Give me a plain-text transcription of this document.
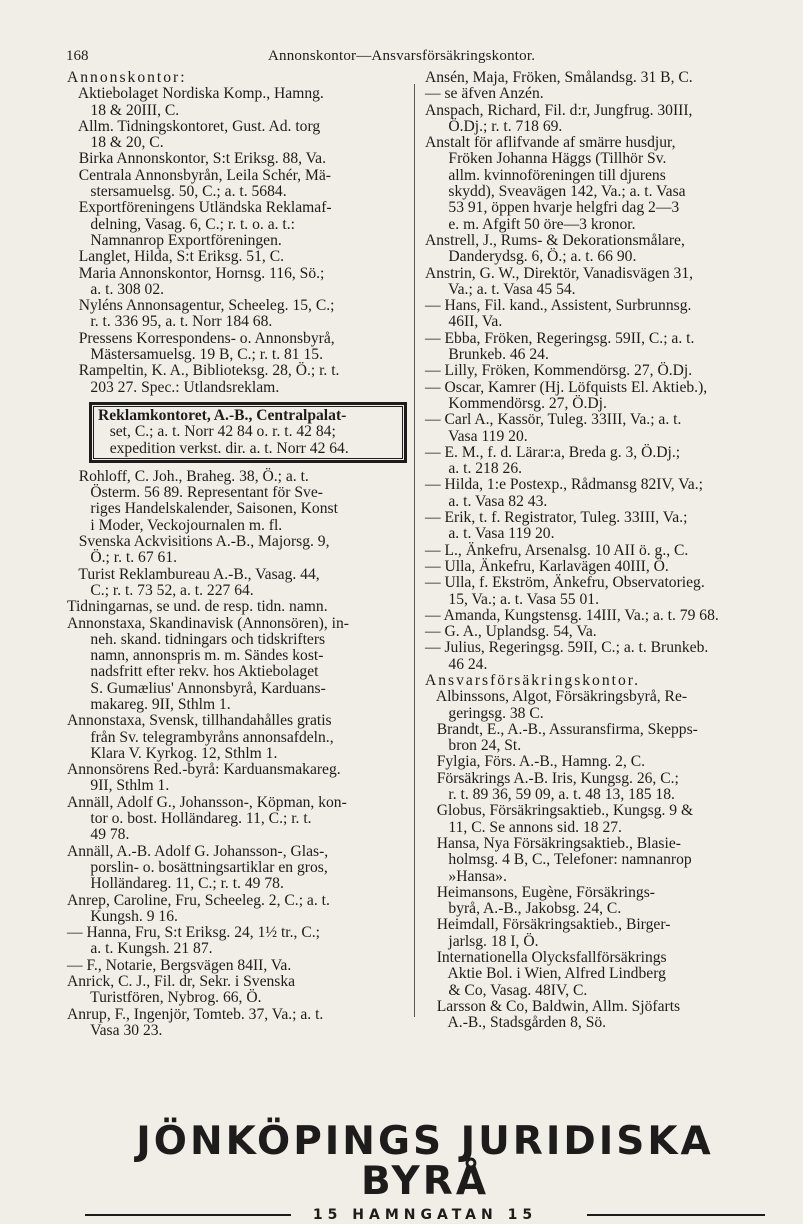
168	Annonskontor—Ansvarsförsäkringskontor.

Annonskontor:

Aktiebolaget Nordiska Komp., Hamng.

18 & 20III, C.

Allm. Tidningskontoret, Gust. Ad. torg

18 & 20, C.

Birka Annonskontor, S:t Eriksg. 88, Va.

Centrala Annonsbyrån, Leila Schér, Mä-

stersamuelsg. 50, C.; a. t. 5684.

Exportföreningens Utländska Reklamaf-

delning, Vasag. 6, C.; r. t. o. a. t.:

Namnanrop Exportföreningen.

Langlet, Hilda, S:t Eriksg. 51, C.

Maria Annonskontor, Hornsg. 116, Sö.;

a. t. 308 02.

Nyléns Annonsagentur, Scheeleg. 15, C.;

r. t. 336 95, a. t. Norr 184 68.

Pressens Korrespondens- o. Annonsbyrå,

Mästersamuelsg. 19 B, C.; r. t. 81 15.

Rampeltin, K. A., Biblioteksg. 28, Ö.; r. t.

203 27. Spec.: Utlandsreklam.

Reklamkontoret, A.-B., Centralpalat-

set, C.; a. t. Norr 42 84 o. r. t. 42 84;

expedition verkst. dir. a. t. Norr 42 64.

Rohloff, C. Joh., Braheg. 38, Ö.; a. t.

Österm. 56 89. Representant för Sve-

riges Handelskalender, Saisonen, Konst

i Moder, Veckojournalen m. fl.

Svenska Ackvisitions A.-B., Majorsg. 9,

Ö.; r. t. 67 61.

Turist Reklambureau A.-B., Vasag. 44,

C.; r. t. 73 52, a. t. 227 64.

Tidningarnas, se und. de resp. tidn. namn.

Annonstaxa, Skandinavisk (Annonsören), in-

neh. skand. tidningars och tidskrifters

namn, annonspris m. m. Sändes kost-

nadsfritt efter rekv. hos Aktiebolaget

S. Gumælius' Annonsbyrå, Karduans-

makareg. 9II, Sthlm 1.

Annonstaxa, Svensk, tillhandahålles gratis

från Sv. telegrambyråns annonsafdeln.,

Klara V. Kyrkog. 12, Sthlm 1.

Annonsörens Red.-byrå: Karduansmakareg.

9II, Sthlm 1.

Annäll, Adolf G., Johansson-, Köpman, kon-

tor o. bost. Holländareg. 11, C.; r. t.

49 78.

Annäll, A.-B. Adolf G. Johansson-, Glas-,

porslin- o. bosättningsartiklar en gros,

Holländareg. 11, C.; r. t. 49 78.

Anrep, Caroline, Fru, Scheeleg. 2, C.; a. t.

Kungsh. 9 16.

— Hanna, Fru, S:t Eriksg. 24, 1½ tr., C.;

a. t. Kungsh. 21 87.

— F., Notarie, Bergsvägen 84II, Va.

Anrick, C. J., Fil. dr, Sekr. i Svenska

Turistfören, Nybrog. 66, Ö.

Anrup, F., Ingenjör, Tomteb. 37, Va.; a. t.

Vasa 30 23.

Ansén, Maja, Fröken, Smålandsg. 31 B, C.

— se äfven Anzén.

Anspach, Richard, Fil. d:r, Jungfrug. 30III,

Ö.Dj.; r. t. 718 69.

Anstalt för aflifvande af smärre husdjur,

Fröken Johanna Häggs (Tillhör Sv.

allm. kvinnoföreningen till djurens

skydd), Sveavägen 142, Va.; a. t. Vasa

53 91, öppen hvarje helgfri dag 2—3

e. m. Afgift 50 öre—3 kronor.

Anstrell, J., Rums- & Dekorationsmålare,

Danderydsg. 6, Ö.; a. t. 66 90.

Anstrin, G. W., Direktör, Vanadisvägen 31,

Va.; a. t. Vasa 45 54.

— Hans, Fil. kand., Assistent, Surbrunnsg.

46II, Va.

— Ebba, Fröken, Regeringsg. 59II, C.; a. t.

Brunkeb. 46 24.

— Lilly, Fröken, Kommendörsg. 27, Ö.Dj.

— Oscar, Kamrer (Hj. Löfquists El. Aktieb.),

Kommendörsg. 27, Ö.Dj.

— Carl A., Kassör, Tuleg. 33III, Va.; a. t.

Vasa 119 20.

— E. M., f. d. Lärar:a, Breda g. 3, Ö.Dj.;

a. t. 218 26.

— Hilda, 1:e Postexp., Rådmansg 82IV, Va.;

a. t. Vasa 82 43.

— Erik, t. f. Registrator, Tuleg. 33III, Va.;

a. t. Vasa 119 20.

— L., Änkefru, Arsenalsg. 10 AII ö. g., C.

— Ulla, Änkefru, Karlavägen 40III, Ö.

— Ulla, f. Ekström, Änkefru, Observatorieg.

15, Va.; a. t. Vasa 55 01.

— Amanda, Kungstensg. 14III, Va.; a. t. 79 68.

— G. A., Uplandsg. 54, Va.

— Julius, Regeringsg. 59II, C.; a. t. Brunkeb.

46 24.

Ansvarsförsäkringskontor.

Albinssons, Algot, Försäkringsbyrå, Re-

geringsg. 38 C.

Brandt, E., A.-B., Assuransfirma, Skepps-

bron 24, St.

Fylgia, Förs. A.-B., Hamng. 2, C.

Försäkrings A.-B. Iris, Kungsg. 26, C.;

r. t. 89 36, 59 09, a. t. 48 13, 185 18.

Globus, Försäkringsaktieb., Kungsg. 9 &

11, C. Se annons sid. 18 27.

Hansa, Nya Försäkringsaktieb., Blasie-

holmsg. 4 B, C., Telefoner: namnanrop

»Hansa».

Heimansons, Eugène, Försäkrings-

byrå, A.-B., Jakobsg. 24, C.

Heimdall, Försäkringsaktieb., Birger-

jarlsg. 18 I, Ö.

Internationella Olycksfallförsäkrings

Aktie Bol. i Wien, Alfred Lindberg

& Co, Vasag. 48IV, C.

Larsson & Co, Baldwin, Allm. Sjöfarts

A.-B., Stadsgården 8, Sö.

JÖNKÖPINGS JURIDISKA BYRÅ
15 HAMNGATAN 15
